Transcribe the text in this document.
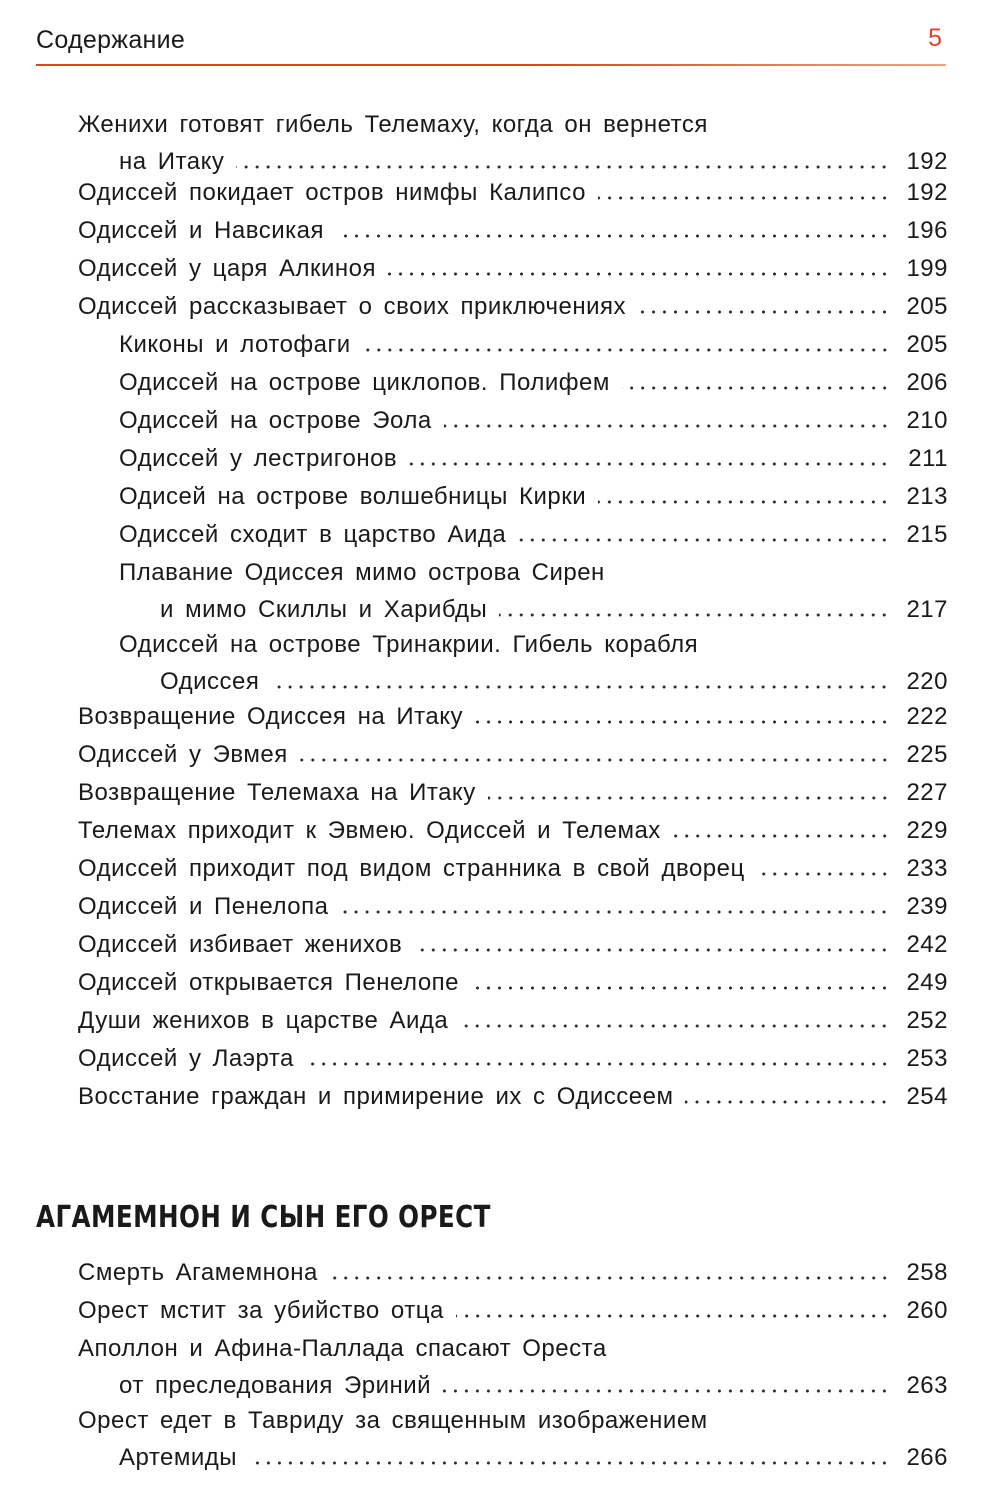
Содержание	5
Женихи готовят гибель Телемаху, когда он вернется
на Итаку	192
Одиссей покидает остров нимфы Калипсо	192
Одиссей и Навсикая	196
Одиссей у царя Алкиноя	199
Одиссей рассказывает о своих приключениях	205
Киконы и лотофаги	205
Одиссей на острове циклопов. Полифем	206
Одиссей на острове Эола	210
Одиссей у лестригонов	211
Одисей на острове волшебницы Кирки	213
Одиссей сходит в царство Аида	215
Плавание Одиссея мимо острова Сирен
и мимо Скиллы и Харибды	217
Одиссей на острове Тринакрии. Гибель корабля
Одиссея	220
Возвращение Одиссея на Итаку	222
Одиссей у Эвмея	225
Возвращение Телемаха на Итаку	227
Телемах приходит к Эвмею. Одиссей и Телемах	229
Одиссей приходит под видом странника в свой дворец	233
Одиссей и Пенелопа	239
Одиссей избивает женихов	242
Одиссей открывается Пенелопе	249
Души женихов в царстве Аида	252
Одиссей у Лаэрта	253
Восстание граждан и примирение их с Одиссеем	254
Смерть Агамемнона	258
Орест мстит за убийство отца	260
Аполлон и Афина-Паллада спасают Ореста
от преследования Эриний	263
Орест едет в Тавриду за священным изображением
Артемиды	266
АГАМЕМНОН И СЫН ЕГО ОРЕСТ
